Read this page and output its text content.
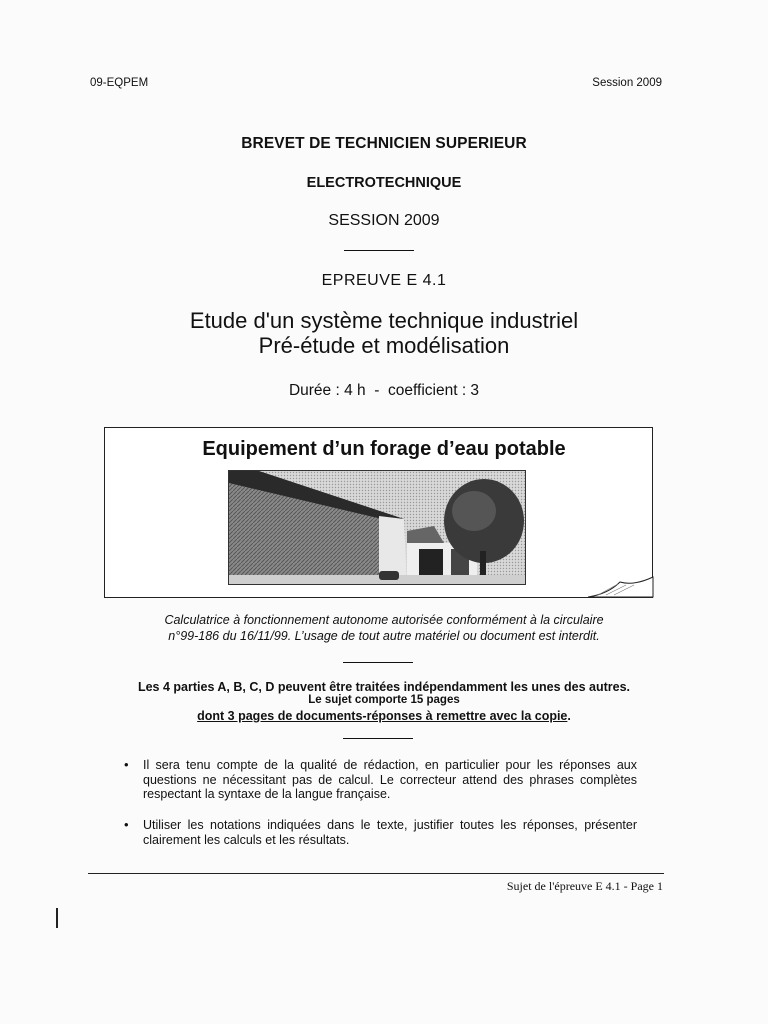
09-EQPEM	Session 2009
BREVET DE TECHNICIEN SUPERIEUR
ELECTROTECHNIQUE
SESSION 2009
EPREUVE E 4.1
Etude d'un système technique industriel
Pré-étude et modélisation
Durée : 4 h  -  coefficient : 3
Equipement d’un forage d’eau potable
Calculatrice à fonctionnement autonome autorisée conformément à la circulaire
n°99-186 du 16/11/99. L’usage de tout autre matériel ou document est interdit.
Les 4 parties A, B, C, D peuvent être traitées indépendamment les unes des autres.
Le sujet comporte 15 pages
dont 3 pages de documents-réponses à remettre avec la copie.
• Il sera tenu compte de la qualité de rédaction, en particulier pour les réponses aux questions ne nécessitant pas de calcul. Le correcteur attend des phrases complètes respectant la syntaxe de la langue française.
• Utiliser les notations indiquées dans le texte, justifier toutes les réponses, présenter clairement les calculs et les résultats.
Sujet de l'épreuve E 4.1 - Page 1
